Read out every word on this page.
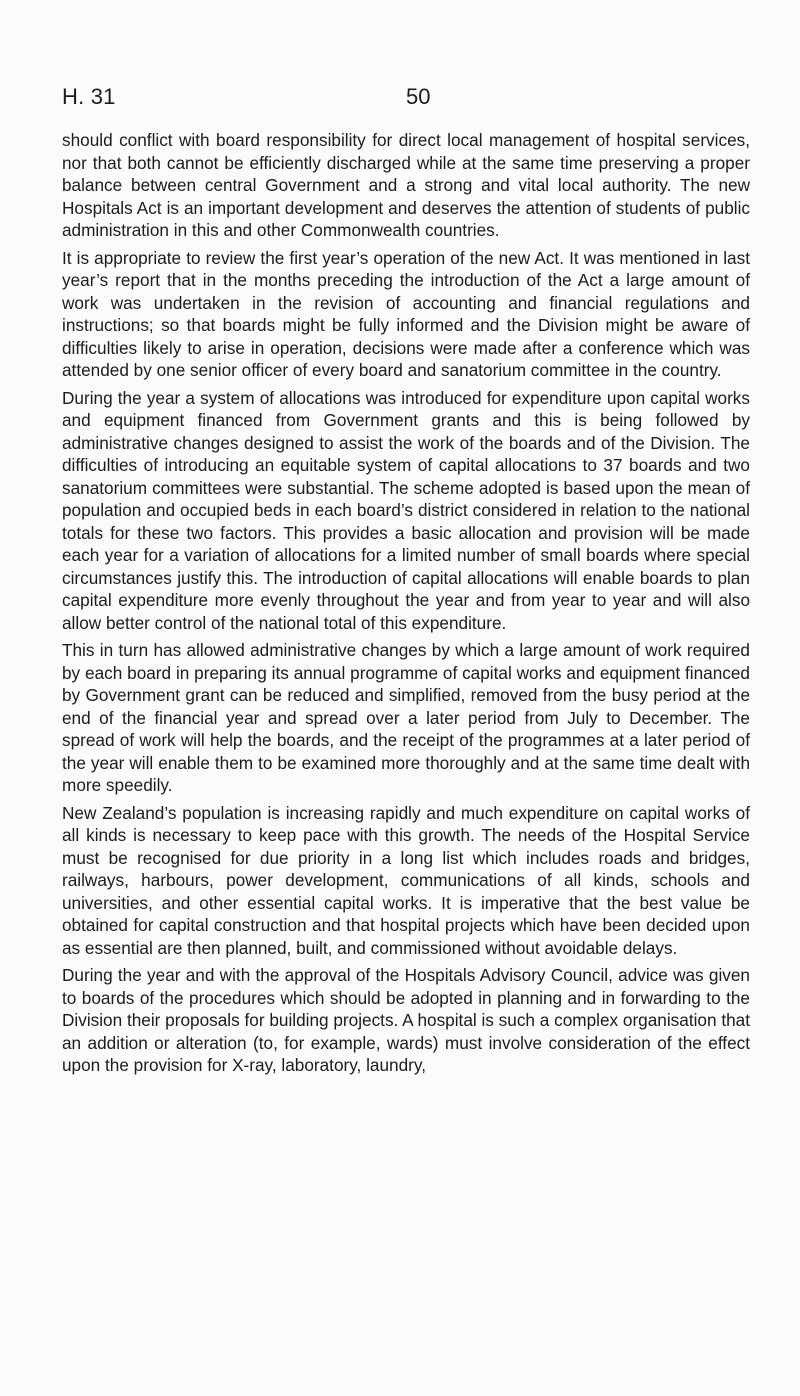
H. 31	50

should conflict with board responsibility for direct local management of hospital services, nor that both cannot be efficiently discharged while at the same time preserving a proper balance between central Government and a strong and vital local authority. The new Hospitals Act is an important development and deserves the attention of students of public administration in this and other Commonwealth countries.

It is appropriate to review the first year’s operation of the new Act. It was mentioned in last year’s report that in the months preceding the introduction of the Act a large amount of work was undertaken in the revision of accounting and financial regulations and instructions; so that boards might be fully informed and the Division might be aware of difficulties likely to arise in operation, decisions were made after a conference which was attended by one senior officer of every board and sanatorium committee in the country.

During the year a system of allocations was introduced for expenditure upon capital works and equipment financed from Government grants and this is being followed by administrative changes designed to assist the work of the boards and of the Division. The difficulties of introducing an equitable system of capital allocations to 37 boards and two sanatorium committees were substantial. The scheme adopted is based upon the mean of population and occupied beds in each board’s district considered in relation to the national totals for these two factors. This provides a basic allocation and provision will be made each year for a variation of allocations for a limited number of small boards where special circumstances justify this. The introduction of capital allocations will enable boards to plan capital expenditure more evenly throughout the year and from year to year and will also allow better control of the national total of this expenditure.

This in turn has allowed administrative changes by which a large amount of work required by each board in preparing its annual programme of capital works and equipment financed by Government grant can be reduced and simplified, removed from the busy period at the end of the financial year and spread over a later period from July to December. The spread of work will help the boards, and the receipt of the programmes at a later period of the year will enable them to be examined more thoroughly and at the same time dealt with more speedily.

New Zealand’s population is increasing rapidly and much expenditure on capital works of all kinds is necessary to keep pace with this growth. The needs of the Hospital Service must be recognised for due priority in a long list which includes roads and bridges, railways, harbours, power development, communications of all kinds, schools and universities, and other essential capital works. It is imperative that the best value be obtained for capital construction and that hospital projects which have been decided upon as essential are then planned, built, and commissioned without avoidable delays.

During the year and with the approval of the Hospitals Advisory Council, advice was given to boards of the procedures which should be adopted in planning and in forwarding to the Division their proposals for building projects. A hospital is such a complex organisation that an addition or alteration (to, for example, wards) must involve consideration of the effect upon the provision for X-ray, laboratory, laundry,
